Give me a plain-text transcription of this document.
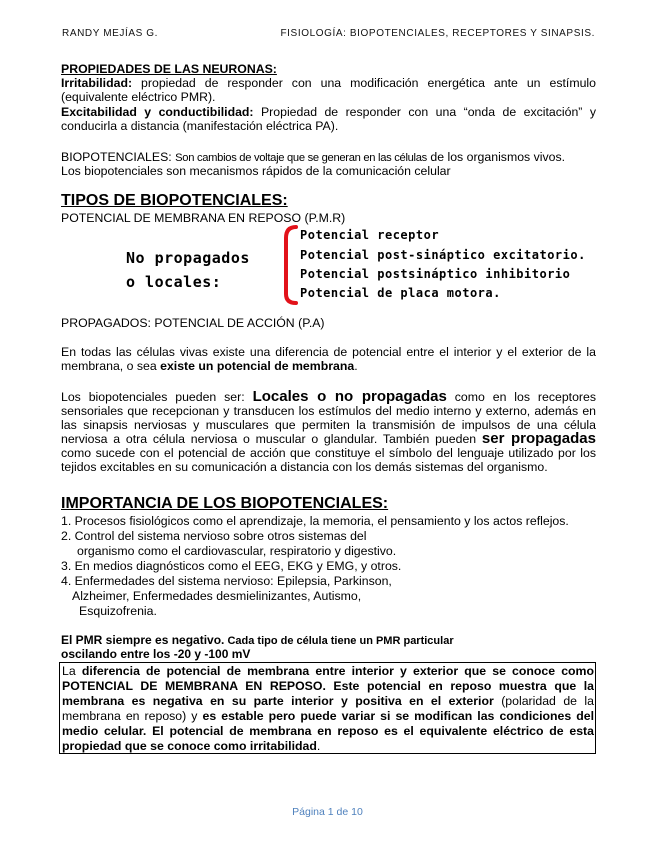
RANDY MEJÍAS G.	FISIOLOGÍA: BIOPOTENCIALES, RECEPTORES Y SINAPSIS.
PROPIEDADES DE LAS NEURONAS:
Irritabilidad: propiedad de responder con una modificación energética ante un estímulo (equivalente eléctrico PMR).
Excitabilidad y conductibilidad: Propiedad de responder con una “onda de excitación” y conducirla a distancia (manifestación eléctrica PA).
BIOPOTENCIALES: Son cambios de voltaje que se generan en las células de los organismos vivos.
Los biopotenciales son mecanismos rápidos de la comunicación celular
TIPOS DE BIOPOTENCIALES:
POTENCIAL DE MEMBRANA EN REPOSO (P.M.R)
No propagados
o locales:
Potencial receptor
Potencial post-sináptico excitatorio.
Potencial postsináptico inhibitorio
Potencial de placa motora.
PROPAGADOS: POTENCIAL DE ACCIÓN (P.A)
En todas las células vivas existe una diferencia de potencial entre el interior y el exterior de la membrana, o sea existe un potencial de membrana.
Los biopotenciales pueden ser: Locales o no propagadas como en los receptores sensoriales que recepcionan y transducen los estímulos del medio interno y externo, además en las sinapsis nerviosas y musculares que permiten la transmisión de impulsos de una célula nerviosa a otra célula nerviosa o muscular o glandular. También pueden ser propagadas como sucede con el potencial de acción que constituye el símbolo del lenguaje utilizado por los tejidos excitables en su comunicación a distancia con los demás sistemas del organismo.
IMPORTANCIA DE LOS BIOPOTENCIALES:
1. Procesos fisiológicos como el aprendizaje, la memoria, el pensamiento y los actos reflejos.
2. Control del sistema nervioso sobre otros sistemas del
organismo como el cardiovascular, respiratorio y digestivo.
3. En medios diagnósticos como el EEG, EKG y EMG, y otros.
4. Enfermedades del sistema nervioso: Epilepsia, Parkinson,
Alzheimer, Enfermedades desmielinizantes, Autismo,
Esquizofrenia.
El PMR siempre es negativo. Cada tipo de célula tiene un PMR particular
oscilando entre los -20 y -100 mV
La diferencia de potencial de membrana entre interior y exterior que se conoce como POTENCIAL DE MEMBRANA EN REPOSO. Este potencial en reposo muestra que la membrana es negativa en su parte interior y positiva en el exterior (polaridad de la membrana en reposo) y es estable pero puede variar si se modifican las condiciones del medio celular. El potencial de membrana en reposo es el equivalente eléctrico de esta propiedad que se conoce como irritabilidad.
Página 1 de 10
